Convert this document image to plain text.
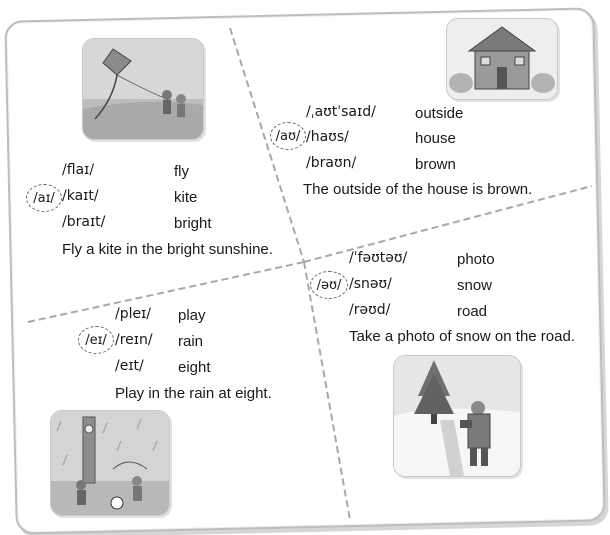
/aɪ/
/flaɪ/	fly
/kaɪt/	kite
/braɪt/	bright
Fly a kite in the bright sunshine.
/aʊ/
/ˌaʊtˈsaɪd/	outside
/haʊs/	house
/braʊn/	brown
The outside of the house is brown.
/eɪ/
/pleɪ/ play
/reɪn/ rain
/eɪt/ eight
Play in the rain at eight.
/əʊ/
/ˈfəʊtəʊ/	photo
/snəʊ/	snow
/rəʊd/	road
Take a photo of snow on the road.
